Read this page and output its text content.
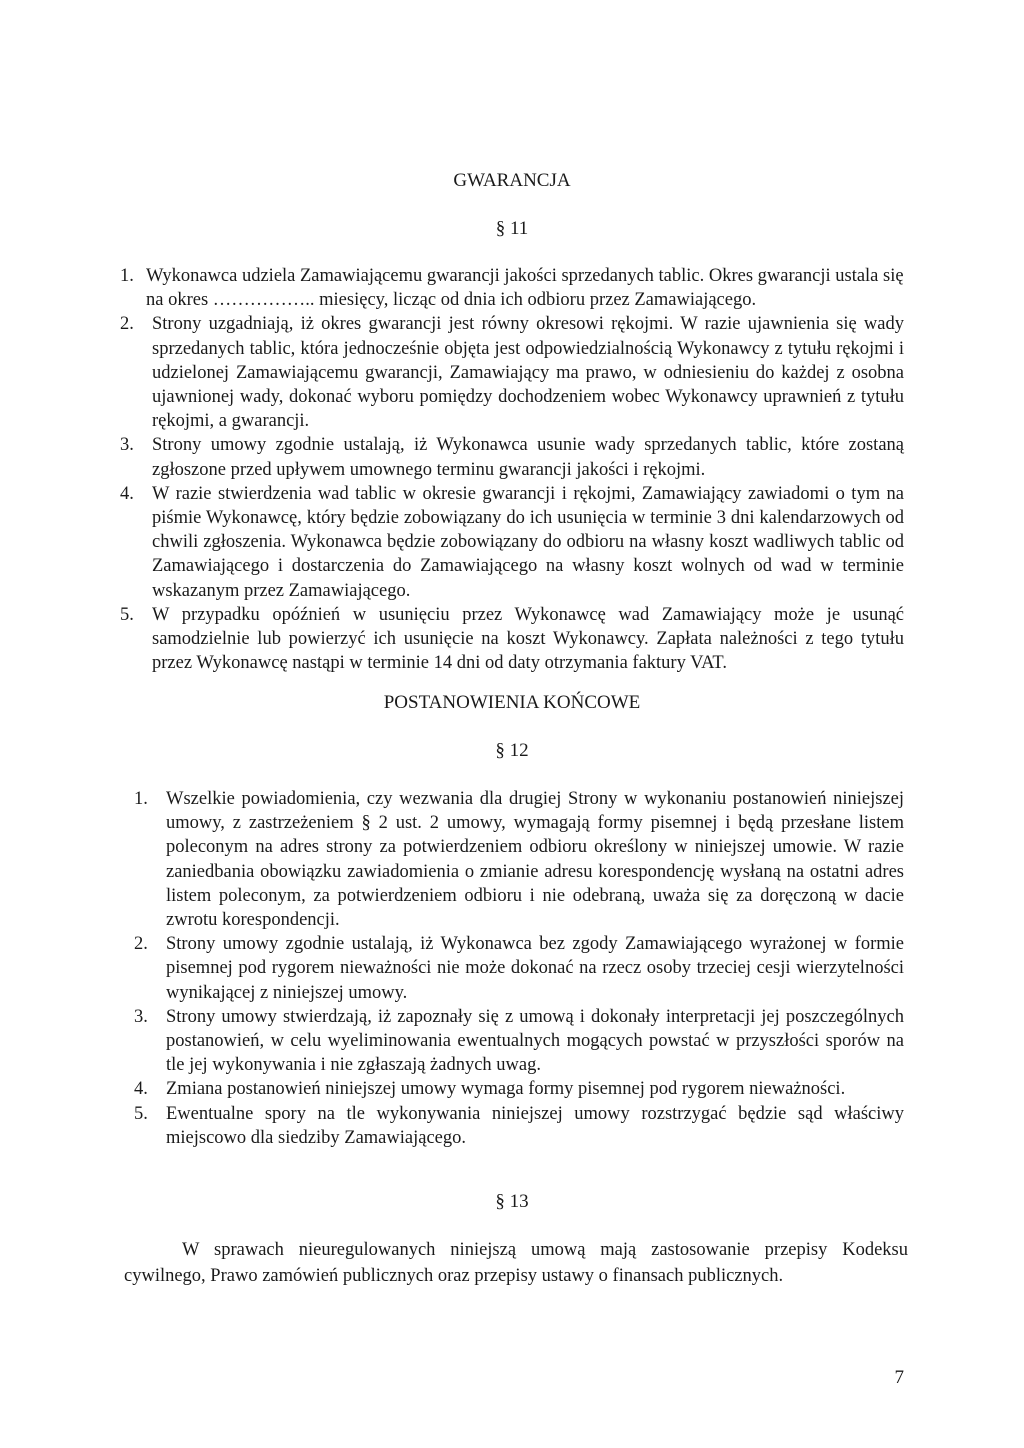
GWARANCJA
§ 11
1. Wykonawca udziela Zamawiającemu gwarancji jakości sprzedanych tablic. Okres gwarancji ustala się na okres …………….. miesięcy, licząc od dnia ich odbioru przez Zamawiającego.
2. Strony uzgadniają, iż okres gwarancji jest równy okresowi rękojmi. W razie ujawnienia się wady sprzedanych tablic, która jednocześnie objęta jest odpowiedzialnością Wykonawcy z tytułu rękojmi i udzielonej Zamawiającemu gwarancji, Zamawiający ma prawo, w odniesieniu do każdej z osobna ujawnionej wady, dokonać wyboru pomiędzy dochodzeniem wobec Wykonawcy uprawnień z tytułu rękojmi, a gwarancji.
3. Strony umowy zgodnie ustalają, iż Wykonawca usunie wady sprzedanych tablic, które zostaną zgłoszone przed upływem umownego terminu gwarancji jakości i rękojmi.
4. W razie stwierdzenia wad tablic w okresie gwarancji i rękojmi, Zamawiający zawiadomi o tym na piśmie Wykonawcę, który będzie zobowiązany do ich usunięcia w terminie 3 dni kalendarzowych od chwili zgłoszenia. Wykonawca będzie zobowiązany do odbioru na własny koszt wadliwych tablic od Zamawiającego i dostarczenia do Zamawiającego na własny koszt wolnych od wad w terminie wskazanym przez Zamawiającego.
5. W przypadku opóźnień w usunięciu przez Wykonawcę wad Zamawiający może je usunąć samodzielnie lub powierzyć ich usunięcie na koszt Wykonawcy. Zapłata należności z tego tytułu przez Wykonawcę nastąpi w terminie 14 dni od daty otrzymania faktury VAT.
POSTANOWIENIA KOŃCOWE
§ 12
1. Wszelkie powiadomienia, czy wezwania dla drugiej Strony w wykonaniu postanowień niniejszej umowy, z zastrzeżeniem § 2 ust. 2 umowy, wymagają formy pisemnej i będą przesłane listem poleconym na adres strony za potwierdzeniem odbioru określony w niniejszej umowie. W razie zaniedbania obowiązku zawiadomienia o zmianie adresu korespondencję wysłaną na ostatni adres listem poleconym, za potwierdzeniem odbioru i nie odebraną, uważa się za doręczoną w dacie zwrotu korespondencji.
2. Strony umowy zgodnie ustalają, iż Wykonawca bez zgody Zamawiającego wyrażonej w formie pisemnej pod rygorem nieważności nie może dokonać na rzecz osoby trzeciej cesji wierzytelności wynikającej z niniejszej umowy.
3. Strony umowy stwierdzają, iż zapoznały się z umową i dokonały interpretacji jej poszczególnych postanowień, w celu wyeliminowania ewentualnych mogących powstać w przyszłości sporów na tle jej wykonywania i nie zgłaszają żadnych uwag.
4. Zmiana postanowień niniejszej umowy wymaga formy pisemnej pod rygorem nieważności.
5. Ewentualne spory na tle wykonywania niniejszej umowy rozstrzygać będzie sąd właściwy miejscowo dla siedziby Zamawiającego.
§ 13

W sprawach nieuregulowanych niniejszą umową mają zastosowanie przepisy Kodeksu cywilnego, Prawo zamówień publicznych oraz przepisy ustawy o finansach publicznych.

7
